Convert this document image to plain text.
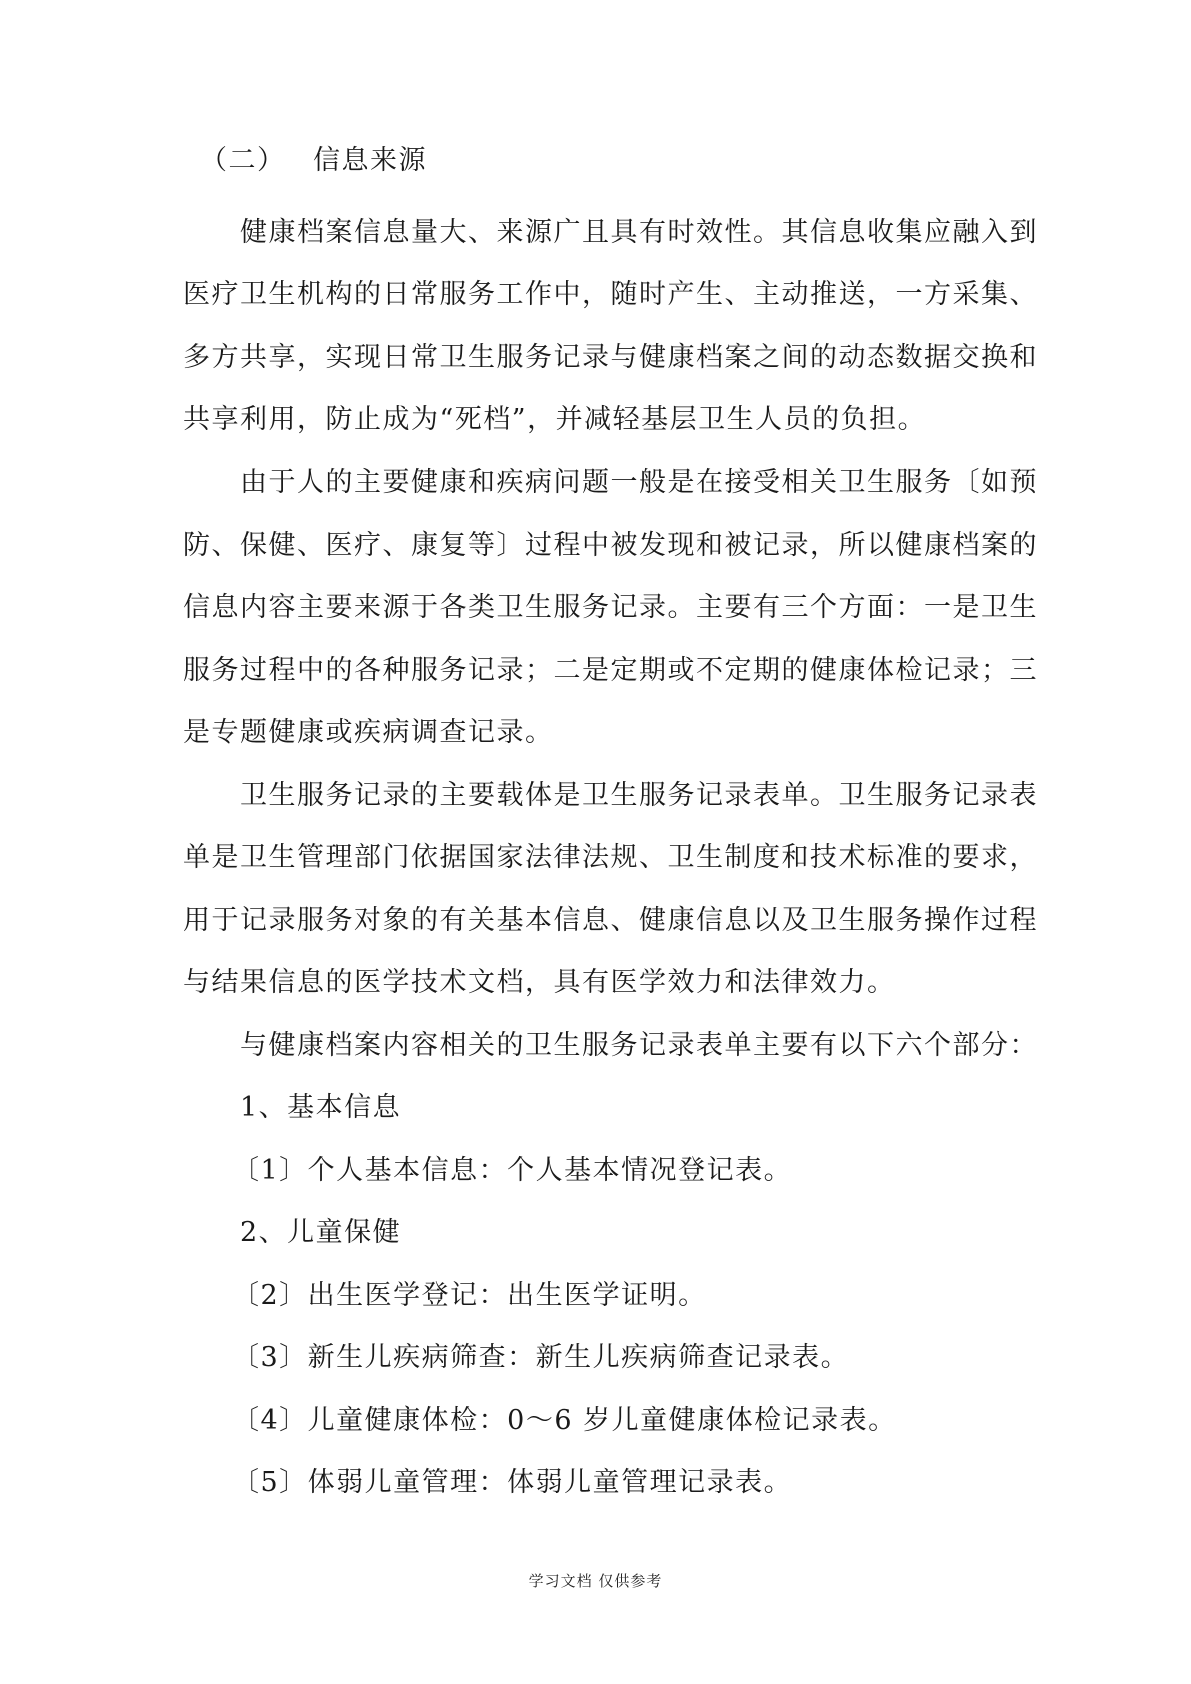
（二） 信息来源

健康档案信息量大、来源广且具有时效性。其信息收集应融入到

医疗卫生机构的日常服务工作中，随时产生、主动推送，一方采集、

多方共享，实现日常卫生服务记录与健康档案之间的动态数据交换和

共享利用，防止成为“死档”，并减轻基层卫生人员的负担。

由于人的主要健康和疾病问题一般是在接受相关卫生服务〔如预

防、保健、医疗、康复等〕过程中被发现和被记录，所以健康档案的

信息内容主要来源于各类卫生服务记录。主要有三个方面：一是卫生

服务过程中的各种服务记录；二是定期或不定期的健康体检记录；三

是专题健康或疾病调查记录。

卫生服务记录的主要载体是卫生服务记录表单。卫生服务记录表

单是卫生管理部门依据国家法律法规、卫生制度和技术标准的要求，

用于记录服务对象的有关基本信息、健康信息以及卫生服务操作过程

与结果信息的医学技术文档，具有医学效力和法律效力。

与健康档案内容相关的卫生服务记录表单主要有以下六个部分：

1、基本信息

〔1〕个人基本信息：个人基本情况登记表。

2、儿童保健

〔2〕出生医学登记：出生医学证明。

〔3〕新生儿疾病筛查：新生儿疾病筛查记录表。

〔4〕儿童健康体检：0～6 岁儿童健康体检记录表。

〔5〕体弱儿童管理：体弱儿童管理记录表。

学习文档 仅供参考
